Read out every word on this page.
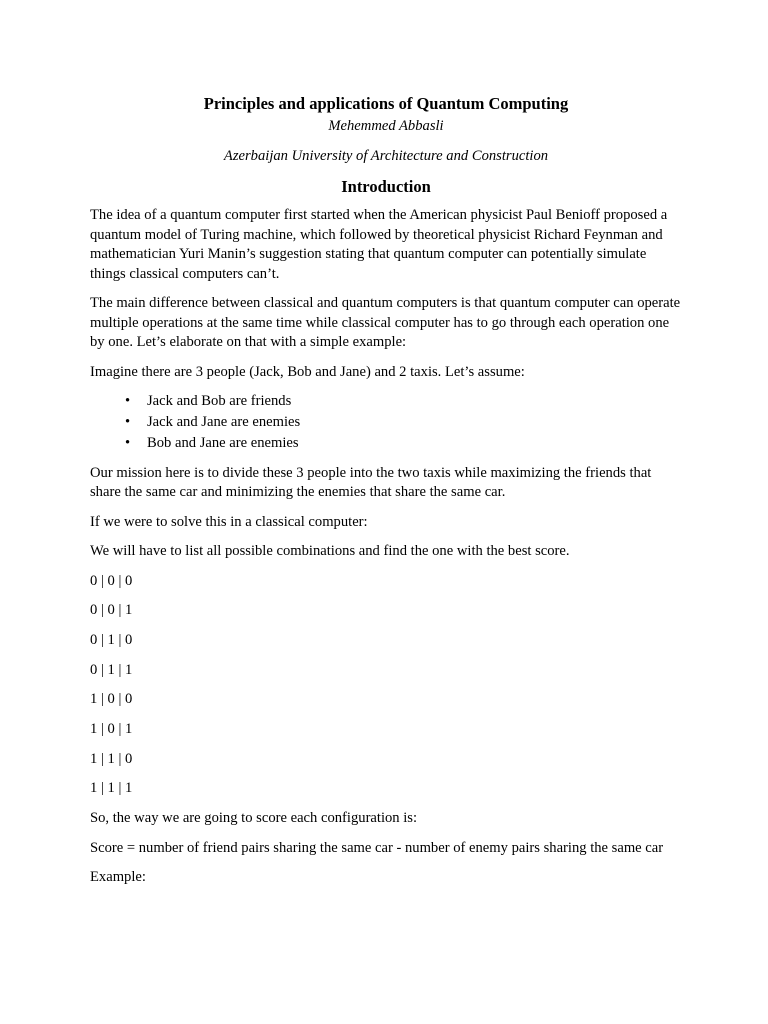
Principles and applications of Quantum Computing
Mehemmed Abbasli
Azerbaijan University of Architecture and Construction
Introduction

The idea of a quantum computer first started when the American physicist Paul Benioff proposed a quantum model of Turing machine, which followed by theoretical physicist Richard Feynman and mathematician Yuri Manin’s suggestion stating that quantum computer can potentially simulate things classical computers can’t.

The main difference between classical and quantum computers is that quantum computer can operate multiple operations at the same time while classical computer has to go through each operation one by one. Let’s elaborate on that with a simple example:

Imagine there are 3 people (Jack, Bob and Jane) and 2 taxis. Let’s assume:

• Jack and Bob are friends
• Jack and Jane are enemies
• Bob and Jane are enemies

Our mission here is to divide these 3 people into the two taxis while maximizing the friends that share the same car and minimizing the enemies that share the same car.

If we were to solve this in a classical computer:

We will have to list all possible combinations and find the one with the best score.

0 | 0 | 0
0 | 0 | 1
0 | 1 | 0
0 | 1 | 1
1 | 0 | 0
1 | 0 | 1
1 | 1 | 0
1 | 1 | 1

So, the way we are going to score each configuration is:

Score = number of friend pairs sharing the same car - number of enemy pairs sharing the same car

Example:
